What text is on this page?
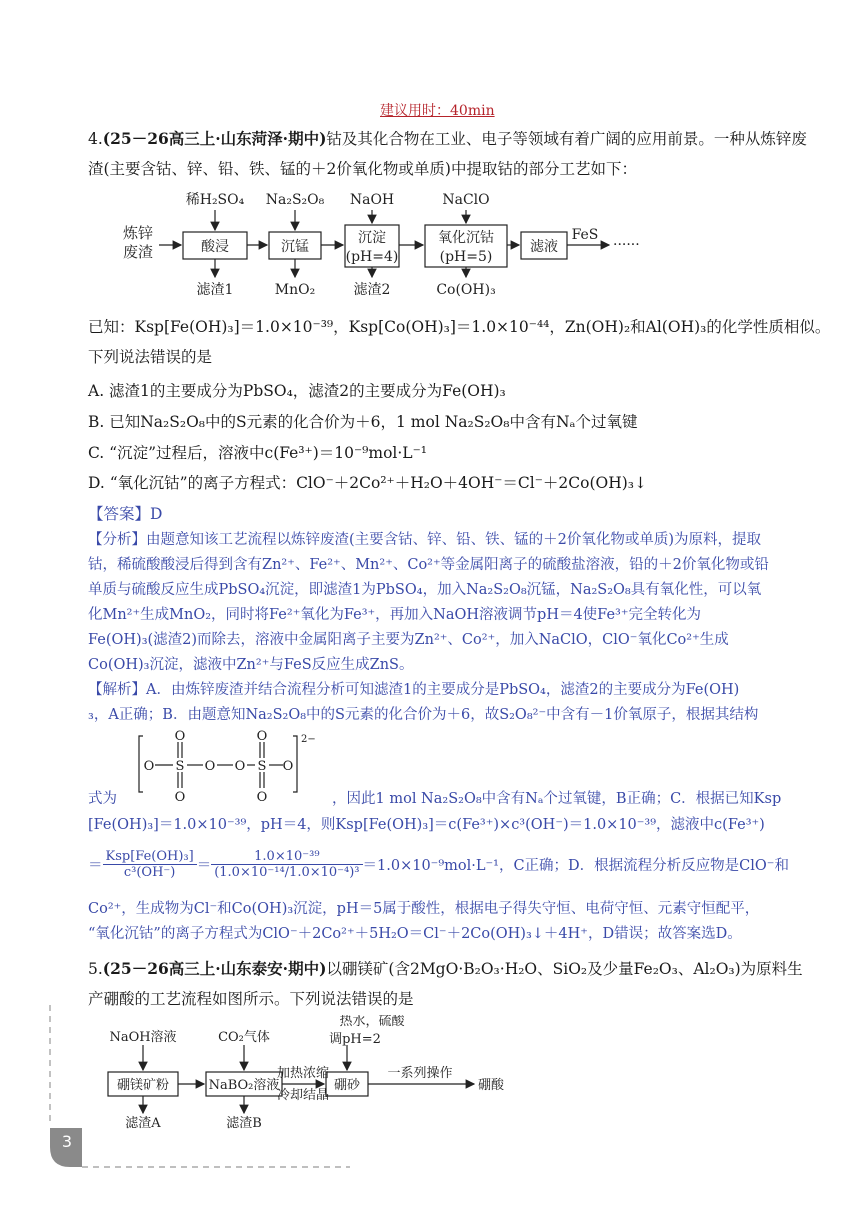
建议用时：40min
4.(25－26高三上·山东菏泽·期中)钴及其化合物在工业、电子等领域有着广阔的应用前景。一种从炼锌废
渣(主要含钴、锌、铅、铁、锰的＋2价氧化物或单质)中提取钴的部分工艺如下：
炼锌
废渣	酸浸	沉锰
沉淀
(pH=4)
氧化沉钴
(pH=5)
滤液
稀H₂SO₄ Na₂S₂O₈ NaOH	NaClO
滤渣1	MnO₂	滤渣2	Co(OH)₃
FeS
······
已知：Ksp[Fe(OH)₃]＝1.0×10⁻³⁹，Ksp[Co(OH)₃]＝1.0×10⁻⁴⁴，Zn(OH)₂和Al(OH)₃的化学性质相似。
下列说法错误的是
A. 滤渣1的主要成分为PbSO₄，滤渣2的主要成分为Fe(OH)₃
B. 已知Na₂S₂O₈中的S元素的化合价为＋6，1 mol Na₂S₂O₈中含有Nₐ个过氧键
C. “沉淀”过程后，溶液中c(Fe³⁺)＝10⁻⁹mol·L⁻¹
D. “氧化沉钴”的离子方程式：ClO⁻＋2Co²⁺＋H₂O＋4OH⁻＝Cl⁻＋2Co(OH)₃↓
【答案】D
【分析】由题意知该工艺流程以炼锌废渣(主要含钴、锌、铅、铁、锰的＋2价氧化物或单质)为原料，提取
钴，稀硫酸酸浸后得到含有Zn²⁺、Fe²⁺、Mn²⁺、Co²⁺等金属阳离子的硫酸盐溶液，铅的＋2价氧化物或铅
单质与硫酸反应生成PbSO₄沉淀，即滤渣1为PbSO₄，加入Na₂S₂O₈沉锰，Na₂S₂O₈具有氧化性，可以氧
化Mn²⁺生成MnO₂，同时将Fe²⁺氧化为Fe³⁺，再加入NaOH溶液调节pH＝4使Fe³⁺完全转化为
Fe(OH)₃(滤渣2)而除去，溶液中金属阳离子主要为Zn²⁺、Co²⁺，加入NaClO，ClO⁻氧化Co²⁺生成
Co(OH)₃沉淀，滤液中Zn²⁺与FeS反应生成ZnS。
【解析】A．由炼锌废渣并结合流程分析可知滤渣1的主要成分是PbSO₄，滤渣2的主要成分为Fe(OH)
₃，A正确；B．由题意知Na₂S₂O₈中的S元素的化合价为＋6，故S₂O₈²⁻中含有－1价氧原子，根据其结构
O S O O S O
O
O
O
O
2−
式为	，因此1 mol Na₂S₂O₈中含有Nₐ个过氧键，B正确；C．根据已知Ksp
[Fe(OH)₃]＝1.0×10⁻³⁹，pH＝4，则Ksp[Fe(OH)₃]＝c(Fe³⁺)×c³(OH⁻)＝1.0×10⁻³⁹，滤液中c(Fe³⁺)
＝ $\frac{\text{Ksp[Fe(OH)₃]}}{\text{c³(OH⁻)}} = \frac{\text{1.0×10⁻³⁹}}{\text{(1.0×10⁻¹⁴/1.0×10⁻⁴)³}} =1.0\times 10^{-9}mol\cdot L^{-1}$，C正确；D．根据流程分析反应物是ClO⁻和
Co²⁺，生成物为Cl⁻和Co(OH)₃沉淀，pH＝5属于酸性，根据电子得失守恒、电荷守恒、元素守恒配平，
“氧化沉钴”的离子方程式为ClO⁻＋2Co²⁺＋5H₂O＝Cl⁻＋2Co(OH)₃↓＋4H⁺，D错误；故答案选D。
5.(25－26高三上·山东泰安·期中)以硼镁矿(含2MgO·B₂O₃·H₂O、SiO₂及少量Fe₂O₃、Al₂O₃)为原料生
产硼酸的工艺流程如图所示。下列说法错误的是
硼镁矿粉	NaBO₂溶液	硼砂
NaOH溶液	CO₂气体
热水，硫酸
调pH=2
加热浓缩
冷却结晶
一系列操作
滤渣A	滤渣B
硼酸
3
